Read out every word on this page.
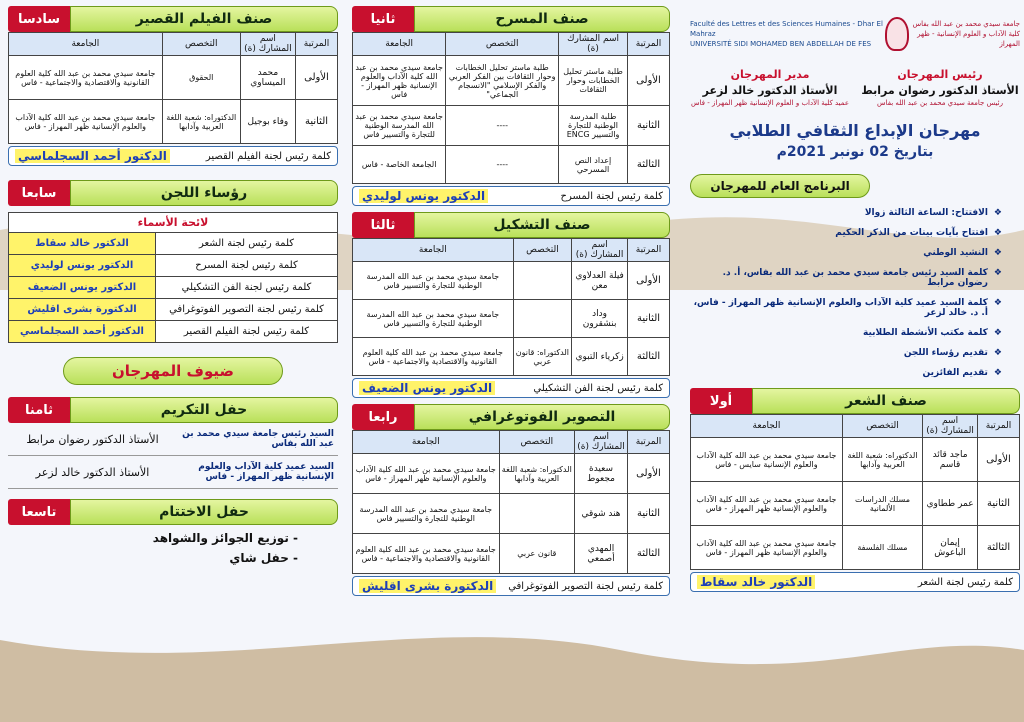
جامعة سيدي محمد بن عبد الله بفاس
كلية الآداب و العلوم الإنسانية - ظهر المهراز
Faculté des Lettres et des Sciences Humaines - Dhar El Mahraz
UNIVERSITÉ SIDI MOHAMED BEN ABDELLAH DE FES
رئيس المهرجان
الأستاذ الدكتور رضوان مرابط
رئيس جامعة سيدي محمد بن عبد الله بفاس
مدير المهرجان
الأستاذ الدكتور خالد لزعر
عميد كلية الآداب و العلوم الإنسانية ظهر المهراز - فاس
مهرجان الإبداع الثقافي الطلابي
بتاريخ 02 نونبر 2021م
البرنامج العام للمهرجان
❖
الافتتاح: الساعة الثالثة زوالا
❖
افتتاح بآيات بينات من الذكر الحكيم
❖
النشيد الوطني
❖
كلمة السيد رئيس جامعة سيدي محمد بن عبد الله بفاس، أ. د. رضوان مرابط
❖
كلمة السيد عميد كلية الآداب والعلوم الإنسانية ظهر المهراز - فاس، أ. د. خالد لزعر
❖
كلمة مكتب الأنشطة الطلابية
❖
تقديم رؤساء اللجن
❖
تقديم الفائزين
صنف الشعر
أولا
المرتبة	اسم المشارك (ة)	التخصص	الجامعة
الأولى	ماجد قائد قاسم	الدكتوراه: شعبة اللغة العربية وآدابها	جامعة سيدي محمد بن عبد الله كلية الآداب والعلوم الإنسانية سايس - فاس
الثانية	عمر ططاوي	مسلك الدراسات الألمانية	جامعة سيدي محمد بن عبد الله كلية الآداب والعلوم الإنسانية ظهر المهراز - فاس
الثالثة	إيمان الباعوش	مسلك الفلسفة	جامعة سيدي محمد بن عبد الله كلية الآداب والعلوم الإنسانية ظهر المهراز - فاس
كلمة رئيس لجنة الشعر
الدكتور خالد سقاط
صنف المسرح
ثانيا
المرتبة	اسم المشارك (ة)	التخصص	الجامعة
الأولى	طلبة ماستر تحليل الخطابات وحوار الثقافات	طلبة ماستر تحليل الخطابات وحوار الثقافات بين الفكر العربي والفكر الإسلامي "الانسجام الجماعي"	جامعة سيدي محمد بن عبد الله كلية الآداب والعلوم الإنسانية ظهر المهراز - فاس
الثانية	طلبة المدرسة الوطنية للتجارة والتسيير ENCG	----	جامعة سيدي محمد بن عبد الله المدرسة الوطنية للتجارة والتسيير فاس
الثالثة	إعداد النص المسرحي	----	الجامعة الخاصة - فاس
كلمة رئيس لجنة المسرح
الدكتور يونس لوليدي
صنف التشكيل
ثالثا
المرتبة	اسم المشارك (ة)	التخصص	الجامعة
الأولى	فيلة العدلاوي معن		جامعة سيدي محمد بن عبد الله المدرسة الوطنية للتجارة والتسيير فاس
الثانية	وداد بنشقرون		جامعة سيدي محمد بن عبد الله المدرسة الوطنية للتجارة والتسيير فاس
الثالثة	زكرياء التبوي	الدكتوراه: قانون عربي	جامعة سيدي محمد بن عبد الله كلية العلوم القانونية والاقتصادية والاجتماعية - فاس
كلمة رئيس لجنة الفن التشكيلي
الدكتور يونس الضعيف
التصوير الفوتوغرافي
رابعا
المرتبة	اسم المشارك (ة)	التخصص	الجامعة
الأولى	سعيدة مجعوط	الدكتوراه: شعبة اللغة العربية وآدابها	جامعة سيدي محمد بن عبد الله كلية الآداب والعلوم الإنسانية ظهر المهراز - فاس
الثانية	هند شوقي		جامعة سيدي محمد بن عبد الله المدرسة الوطنية للتجارة والتسيير فاس
الثالثة	المهدي أصمعي	قانون عربي	جامعة سيدي محمد بن عبد الله كلية العلوم القانونية والاقتصادية والاجتماعية - فاس
كلمة رئيس لجنة التصوير الفوتوغرافي
الدكتورة بشرى اقليش
صنف الفيلم القصير
سادسا
المرتبة	اسم المشارك (ة)	التخصص	الجامعة
الأولى	محمد الميساوي	الحقوق	جامعة سيدي محمد بن عبد الله كلية العلوم القانونية والاقتصادية والاجتماعية - فاس
الثانية	وفاء بوجيل	الدكتوراه: شعبة اللغة العربية وآدابها	جامعة سيدي محمد بن عبد الله كلية الآداب والعلوم الإنسانية ظهر المهراز - فاس
كلمة رئيس لجنة الفيلم القصير
الدكتور أحمد السجلماسي
رؤساء اللجن
سابعا
لائحة الأسماء	
كلمة رئيس لجنة الشعر	الدكتور خالد سقاط
كلمة رئيس لجنة المسرح	الدكتور يونس لوليدي
كلمة رئيس لجنة الفن التشكيلي	الدكتور يونس الضعيف
كلمة رئيس لجنة التصوير الفوتوغرافي	الدكتورة بشرى اقليش
كلمة رئيس لجنة الفيلم القصير	الدكتور أحمد السجلماسي
ضيوف المهرجان
حفل التكريم
ثامنا
السيد رئيس جامعة سيدي محمد بن عبد الله بفاس
الأستاذ الدكتور رضوان مرابط
السيد عميد كلية الآداب والعلوم الإنسانية ظهر المهراز - فاس
الأستاذ الدكتور خالد لزعر
حفل الاختتام
تاسعا
- توزيع الجوائز والشواهد
- حفل شاي
